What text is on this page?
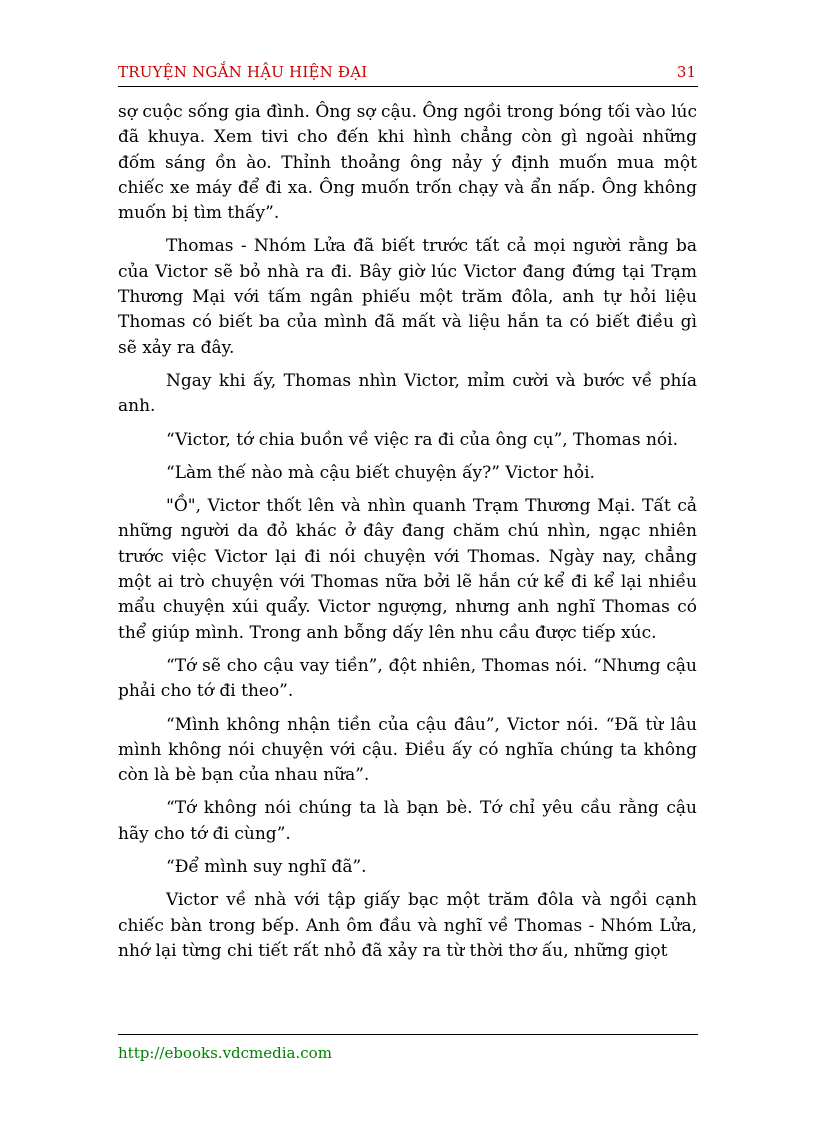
TRUYỆN NGẮN HẬU HIỆN ĐẠI	31

sợ cuộc sống gia đình. Ông sợ cậu. Ông ngồi trong bóng tối vào lúc đã khuya. Xem tivi cho đến khi hình chẳng còn gì ngoài những đốm sáng ồn ào. Thỉnh thoảng ông nảy ý định muốn mua một chiếc xe máy để đi xa. Ông muốn trốn chạy và ẩn nấp. Ông không muốn bị tìm thấy”.

Thomas - Nhóm Lửa đã biết trước tất cả mọi người rằng ba của Victor sẽ bỏ nhà ra đi. Bây giờ lúc Victor đang đứng tại Trạm Thương Mại với tấm ngân phiếu một trăm đôla, anh tự hỏi liệu Thomas có biết ba của mình đã mất và liệu hắn ta có biết điều gì sẽ xảy ra đây.

Ngay khi ấy, Thomas nhìn Victor, mỉm cười và bước về phía anh.

“Victor, tớ chia buồn về việc ra đi của ông cụ”, Thomas nói.

“Làm thế nào mà cậu biết chuyện ấy?” Victor hỏi.

"Ồ", Victor thốt lên và nhìn quanh Trạm Thương Mại. Tất cả những người da đỏ khác ở đây đang chăm chú nhìn, ngạc nhiên trước việc Victor lại đi nói chuyện với Thomas. Ngày nay, chẳng một ai trò chuyện với Thomas nữa bởi lẽ hắn cứ kể đi kể lại nhiều mẩu chuyện xúi quẩy. Victor ngượng, nhưng anh nghĩ Thomas có thể giúp mình. Trong anh bỗng dấy lên nhu cầu được tiếp xúc.

“Tớ sẽ cho cậu vay tiền”, đột nhiên, Thomas nói. “Nhưng cậu phải cho tớ đi theo”.

“Mình không nhận tiền của cậu đâu”, Victor nói. “Đã từ lâu mình không nói chuyện với cậu. Điều ấy có nghĩa chúng ta không còn là bè bạn của nhau nữa”.

“Tớ không nói chúng ta là bạn bè. Tớ chỉ yêu cầu rằng cậu hãy cho tớ đi cùng”.

“Để mình suy nghĩ đã”.

Victor về nhà với tập giấy bạc một trăm đôla và ngồi cạnh chiếc bàn trong bếp. Anh ôm đầu và nghĩ về Thomas - Nhóm Lửa, nhớ lại từng chi tiết rất nhỏ đã xảy ra từ thời thơ ấu, những giọt

http://ebooks.vdcmedia.com
